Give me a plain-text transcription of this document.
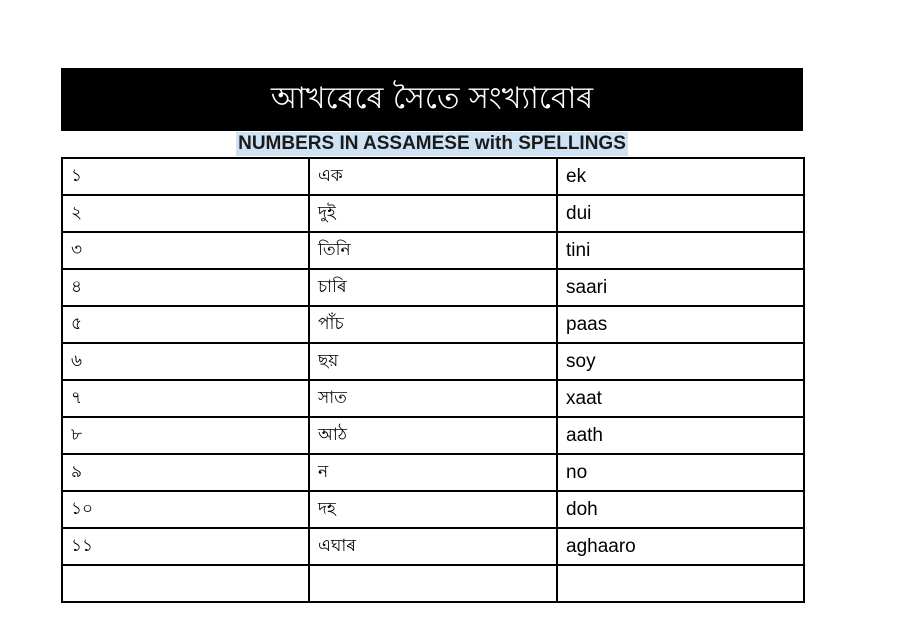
আখৰেৰে সৈতে সংখ্যাবোৰ
NUMBERS IN ASSAMESE with SPELLINGS
১	এক	ek
২	দুই	dui
৩	তিনি	tini
৪	চাৰি	saari
৫	পাঁচ	paas
৬	ছয়	soy
৭	সাত	xaat
৮	আঠ	aath
৯	ন	no
১০	দহ	doh
১১	এঘাৰ	aghaaro
